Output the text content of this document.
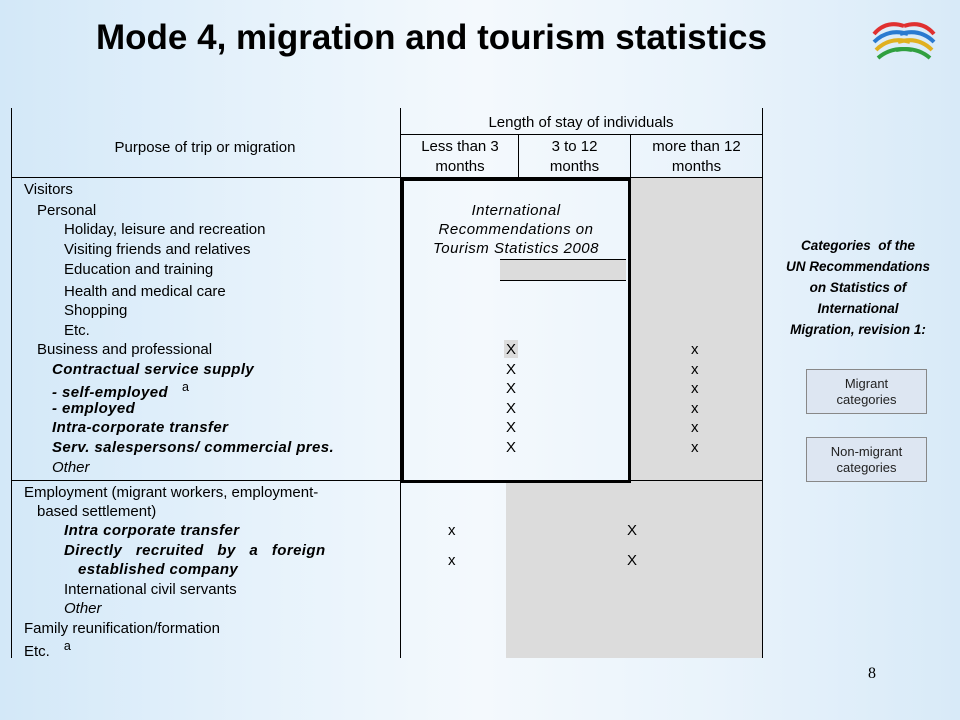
Mode 4, migration and tourism statistics
Purpose of trip or migration
Length of stay of individuals
Less than 3
months
3 to 12
months
more than 12
months
Visitors
Personal
Holiday, leisure and recreation
Visiting friends and relatives
Education and training
Health and medical care
Shopping
Etc.
Business and professional
Contractual service supply
- self-employed $^a$
- employed
Intra-corporate transfer
Serv. salespersons/ commercial pres.
Other
Employment (migrant workers, employment-
based settlement)
Intra corporate transfer
Directly   recruited   by   a   foreign
established company
International civil servants
Other
Family reunification/formation
Etc. $^a$
International
Recommendations on
Tourism Statistics 2008
X
X
X
X
X
X
x
x
x
x
x
x
x
x
X
X
Categories  of the
UN Recommendations
on Statistics of
International
Migration, revision 1:
Migrant
categories
Non-migrant
categories
8
